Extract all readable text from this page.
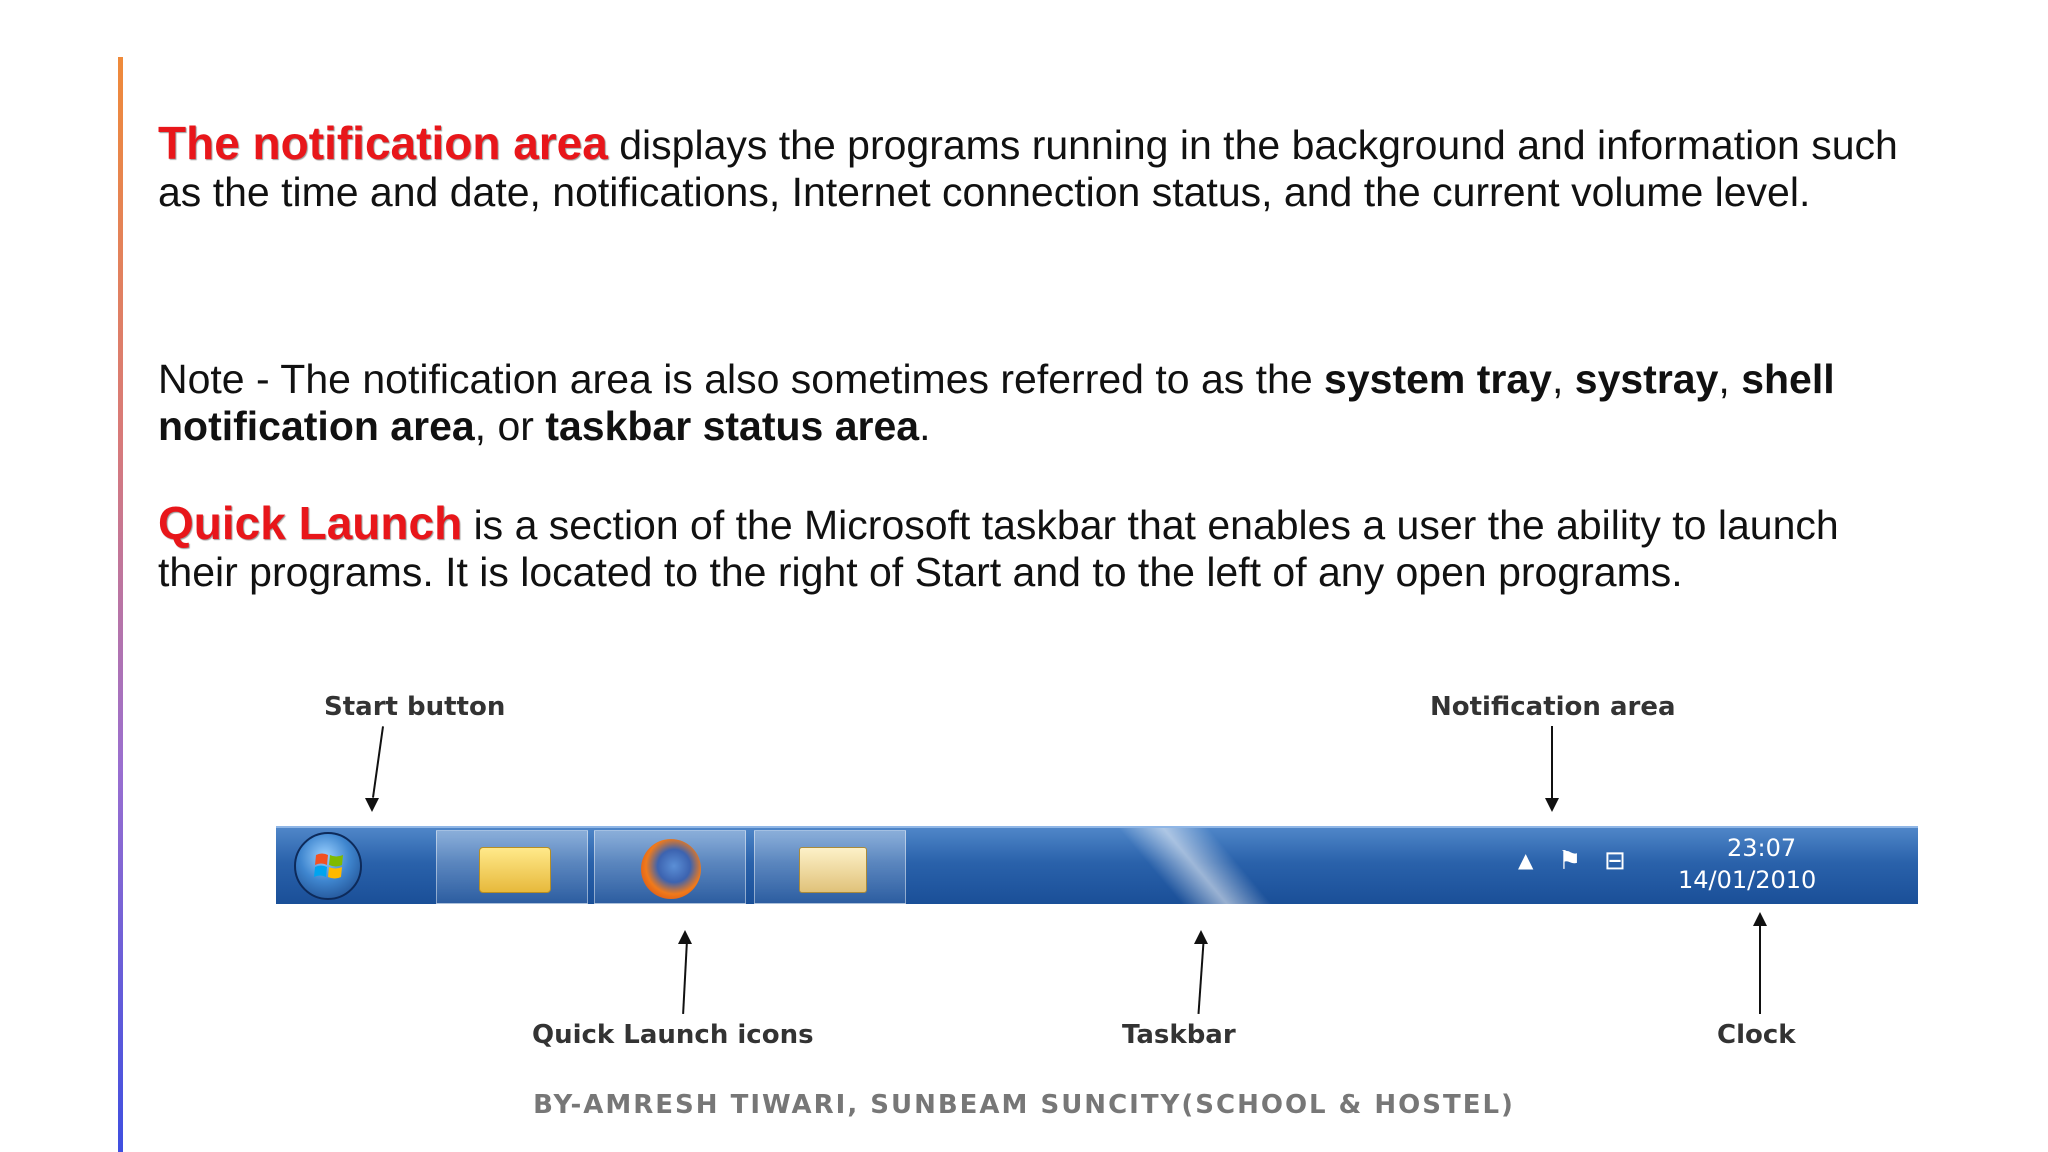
The notification area displays the programs running in the background and information such as the time and date, notifications, Internet connection status, and the current volume level.

Note - The notification area is also sometimes referred to as the system tray, systray, shell notification area, or taskbar status area.

Quick Launch is a section of the Microsoft taskbar that enables a user the ability to launch their programs. It is located to the right of Start and to the left of any open programs.

Start button	Notification area
▲ ⚑ ⊟	23:07
14/01/2010
Quick Launch icons	Taskbar	Clock
BY-AMRESH TIWARI, SUNBEAM SUNCITY(SCHOOL & HOSTEL)
